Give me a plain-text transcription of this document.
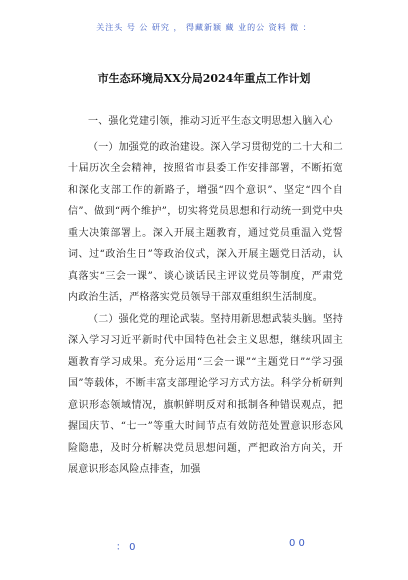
关注头 号 公 研究 ， 得藏新颖 藏 业的公 资料 微 ：
市生态环境局XX分局2024年重点工作计划

一、强化党建引领，推动习近平生态文明思想入脑入心

（一）加强党的政治建设。深入学习贯彻党的二十大和二十届历次全会精神，按照省市县委工作安排部署，不断拓宽和深化支部工作的新路子，增强“四个意识”、坚定“四个自信”、做到“两个维护”，切实将党员思想和行动统一到党中央重大决策部署上。深入开展主题教育，通过党员重温入党誓词、过“政治生日”等政治仪式，深入开展主题党日活动，认真落实“三会一课”、谈心谈话民主评议党员等制度，严肃党内政治生活，严格落实党员领导干部双重组织生活制度。

（二）强化党的理论武装。坚持用新思想武装头脑。坚持深入学习习近平新时代中国特色社会主义思想，继续巩固主题教育学习成果。充分运用“三会一课”“主题党日”“学习强国”等载体，不断丰富支部理论学习方式方法。科学分析研判意识形态领域情况，旗帜鲜明反对和抵制各种错误观点，把握国庆节、“七一”等重大时间节点有效防范处置意识形态风险隐患，及时分析解决党员思想问题，严把政治方向关，开展意识形态风险点排查，加强

： 0	0 0
